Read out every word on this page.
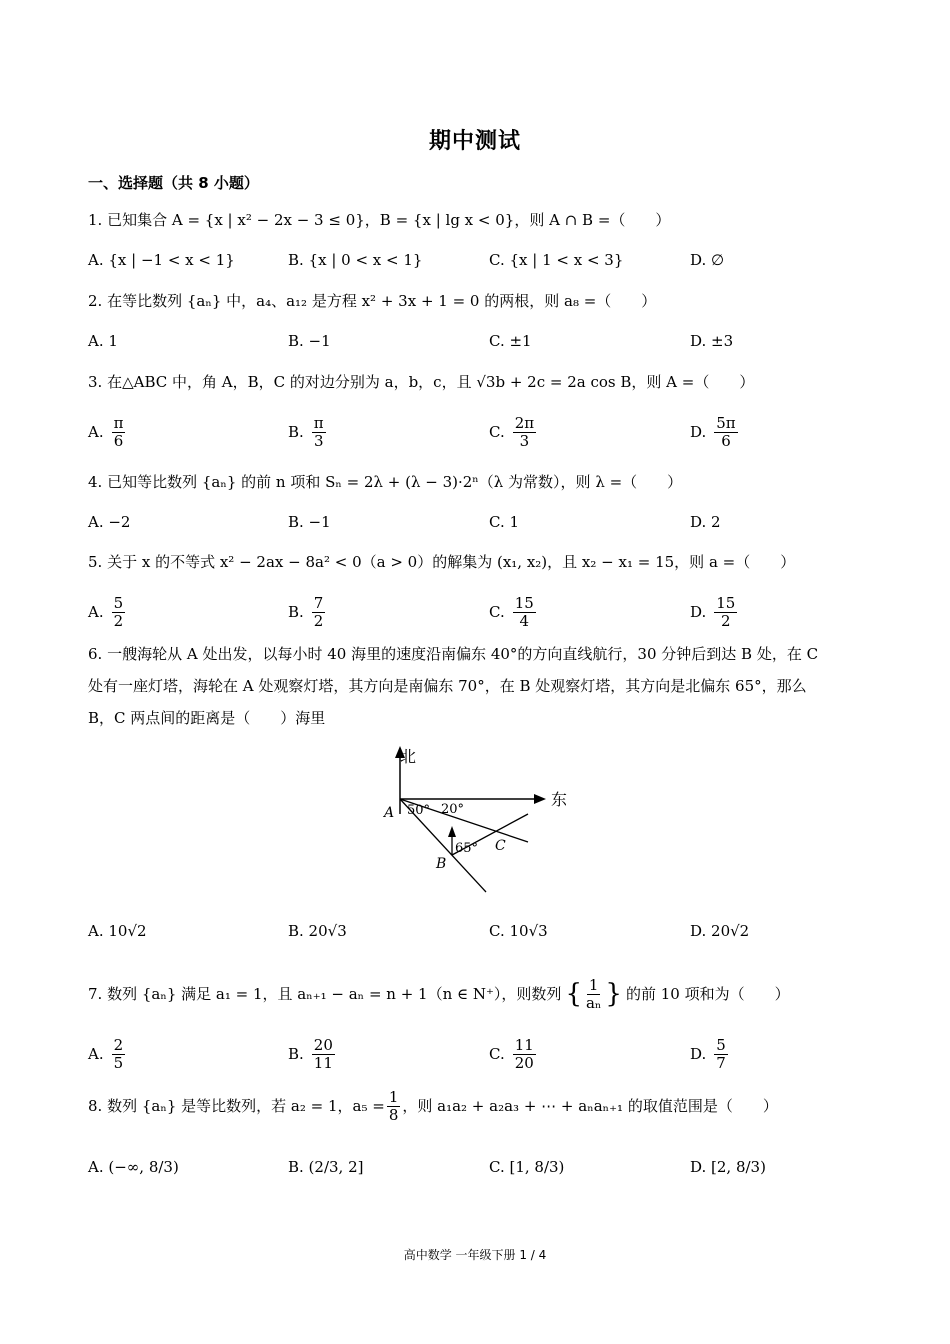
期中测试
一、选择题（共 8 小题）
1. 已知集合 A = {x | x² − 2x − 3 ≤ 0}，B = {x | lg x < 0}，则 A ∩ B =（　　）
A. {x | −1 < x < 1}	B. {x | 0 < x < 1}	C. {x | 1 < x < 3}	D. ∅
2. 在等比数列 {aₙ} 中，a₄、a₁₂ 是方程 x² + 3x + 1 = 0 的两根，则 a₈ =（　　）
A. 1	B. −1	C. ±1	D. ±3
3. 在△ABC 中，角 A，B，C 的对边分别为 a，b，c，且 √3b + 2c = 2a cos B，则 A =（　　）
A. $\frac{\pi}{6}$	B. $\frac{\pi}{3}$	C. $\frac{2\pi}{3}$	D. $\frac{5\pi}{6}$
4. 已知等比数列 {aₙ} 的前 n 项和 Sₙ = 2λ + (λ − 3)·2ⁿ（λ 为常数），则 λ =（　　）
A. −2	B. −1	C. 1	D. 2
5. 关于 x 的不等式 x² − 2ax − 8a² < 0（a > 0）的解集为 (x₁, x₂)，且 x₂ − x₁ = 15，则 a =（　　）
A. $\frac{5}{2}$	B. $\frac{7}{2}$	C. $\frac{15}{4}$	D. $\frac{15}{2}$
6. 一艘海轮从 A 处出发，以每小时 40 海里的速度沿南偏东 40°的方向直线航行，30 分钟后到达 B 处，在 C
处有一座灯塔，海轮在 A 处观察灯塔，其方向是南偏东 70°，在 B 处观察灯塔，其方向是北偏东 65°，那么
B，C 两点间的距离是（　　）海里
北
东
A
B
C
50° 20°
65°
A. 10√2	B. 20√3	C. 10√3	D. 20√2
7. 数列 {aₙ} 满足 a₁ = 1，且 aₙ₊₁ − aₙ = n + 1（n ∈ N⁺），则数列 { $\frac{1}{\text{aₙ}}$ } 的前 10 项和为（　　）
A. $\frac{2}{5}$	B. $\frac{20}{11}$	C. $\frac{11}{20}$	D. $\frac{5}{7}$
8. 数列 {aₙ} 是等比数列，若 a₂ = 1，$a_5 = \frac{1}{8}$ ，则 a₁a₂ + a₂a₃ + ⋯ + aₙaₙ₊₁ 的取值范围是（　　）
A. (−∞, 8/3)	B. (2/3, 2]	C. [1, 8/3)	D. [2, 8/3)
高中数学 一年级下册 1 / 4
